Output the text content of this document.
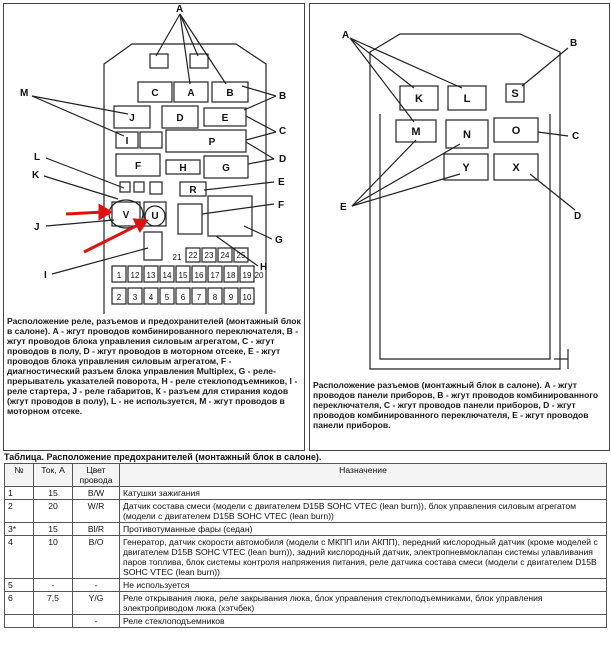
A
M	B
C
D
E
F
G
H
L
K
J
I
C	A	B
J	D	E
I	P
F	H	G
R
V U
21 22 23 24 25
1 12 13 14 15 16 17 18 19 20
2 3 4 5 6 7 8 9 10
Расположение реле, разъемов и предохранителей (монтажный блок в салоне). А - жгут проводов комбинированного переключателя, В - жгут проводов блока управления силовым агрегатом, С - жгут проводов в полу, D - жгут проводов в моторном отсеке, Е - жгут проводов блока управления силовым агрегатом, F - диагностический разъем блока управления Multiplex, G - реле-прерыватель указателей поворота, Н - реле стеклоподъемников, I - реле стартера, J - реле габаритов, К - разъем для стирания кодов (жгут проводов в полу), L - не используется, М - жгут проводов в моторном отсеке.
A
B
C
D
E
K	L	S
M	N	O
Y	X
Расположение разъемов (монтажный блок в салоне). А - жгут проводов панели приборов, В - жгут проводов комбинированного переключателя, С - жгут проводов панели приборов, D - жгут проводов комбинированного переключателя, Е - жгут проводов панели приборов.
Таблица. Расположение предохранителей (монтажный блок в салоне).
№	Ток, А	Цвет провода	Назначение
1	15	B/W	Катушки зажигания
2	20	W/R	Датчик состава смеси (модели с двигателем D15B SOHC VTEC (lean burn)), блок управления силовым агрегатом (модели с двигателем D15B SOHC VTEC (lean burn))
3*	15	Bl/R	Противотуманные фары (седан)
4	10	B/O	Генератор, датчик скорости автомобиля (модели с МКПП или АКПП), передний кислородный датчик (кроме моделей с двигателем D15B SOHC VTEC (lean burn)), задний кислородный датчик, электропневмоклапан системы улавливания паров топлива, блок системы контроля напряжения питания, реле датчика состава смеси (модели с двигателем D15B SOHC VTEC (lean burn))
5	-	-	Не используется
6	7,5	Y/G	Реле открывания люка, реле закрывания люка, блок управления стеклоподъемниками, блок управления электроприводом люка (хэтчбек)
		-	Реле стеклоподъемников
